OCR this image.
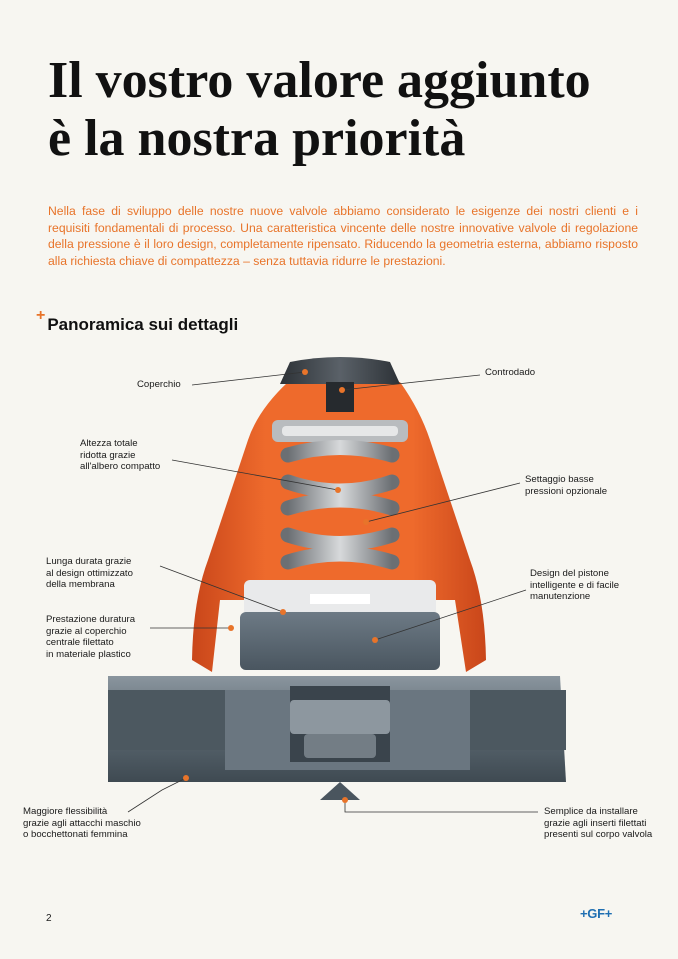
Il vostro valore aggiunto
è la nostra priorità

Nella fase di sviluppo delle nostre nuove valvole abbiamo considerato le esigenze dei nostri clienti e i requisiti fondamentali di processo. Una caratteristica vincente delle nostre innovative valvole di regolazione della pressione è il loro design, completamente ripensato. Riducendo la geometria esterna, abbiamo risposto alla richiesta chiave di compattezza – senza tuttavia ridurre le prestazioni.

+ Panoramica sui dettagli
Coperchio
Controdado
Altezza totale
ridotta grazie
all'albero compatto
Settaggio basse
pressioni opzionale
Lunga durata grazie
al design ottimizzato
della membrana
Design del pistone
intelligente e di facile
manutenzione
Prestazione duratura
grazie al coperchio
centrale filettato
in materiale plastico
Maggiore flessibilità
grazie agli attacchi maschio
o bocchettonati femmina
Semplice da installare
grazie agli inserti filettati
presenti sul corpo valvola
2	+GF+
